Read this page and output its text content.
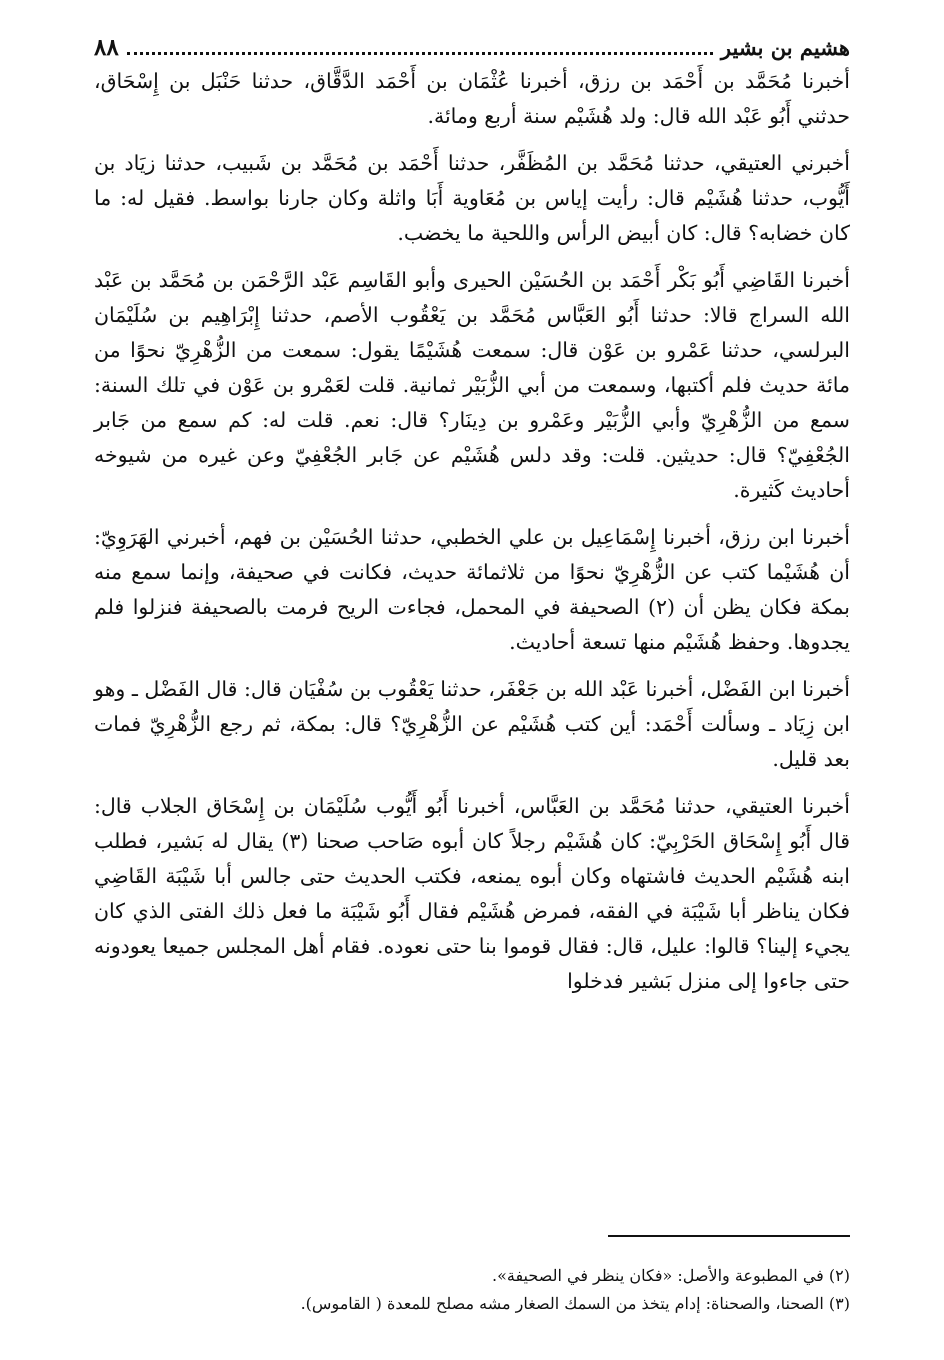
هشيم بن بشير
٨٨

أخبرنا مُحَمَّد بن أَحْمَد بن رزق، أخبرنا عُثْمَان بن أَحْمَد الدَّقَّاق، حدثنا حَنْبَل بن إِسْحَاق، حدثني أَبُو عَبْد الله قال: ولد هُشَيْم سنة أربع ومائة.

أخبرني العتيقي، حدثنا مُحَمَّد بن المُظَفَّر، حدثنا أَحْمَد بن مُحَمَّد بن شَبيب، حدثنا زيَاد بن أَيُّوب، حدثنا هُشَيْم قال: رأيت إياس بن مُعَاوية أَبَا واثلة وكان جارنا بواسط. فقيل له: ما كان خضابه؟ قال: كان أبيض الرأس واللحية ما يخضب.

أخبرنا القَاضِي أَبُو بَكْر أَحْمَد بن الحُسَيْن الحيرى وأبو القَاسِم عَبْد الرَّحْمَن بن مُحَمَّد بن عَبْد الله السراج قالا: حدثنا أَبُو العَبَّاس مُحَمَّد بن يَعْقُوب الأصم، حدثنا إِبْرَاهِيم بن سُلَيْمَان البرلسي، حدثنا عَمْرو بن عَوْن قال: سمعت هُشَيْمًا يقول: سمعت من الزُّهْرِيّ نحوًا من مائة حديث فلم أكتبها، وسمعت من أبي الزُّبَيْر ثمانية. قلت لعَمْرو بن عَوْن في تلك السنة: سمع من الزُّهْرِيّ وأبي الزُّبَيْر وعَمْرو بن دِينَار؟ قال: نعم. قلت له: كم سمع من جَابر الجُعْفِيّ؟ قال: حديثين. قلت: وقد دلس هُشَيْم عن جَابر الجُعْفِيّ وعن غيره من شيوخه أحاديث كَثيرة.

أخبرنا ابن رزق، أخبرنا إِسْمَاعِيل بن علي الخطبي، حدثنا الحُسَيْن بن فهم، أخبرني الهَرَوِيّ: أن هُشَيْما كتب عن الزُّهْرِيّ نحوًا من ثلاثمائة حديث، فكانت في صحيفة، وإنما سمع منه بمكة فكان يظن أن (٢) الصحيفة في المحمل، فجاءت الريح فرمت بالصحيفة فنزلوا فلم يجدوها. وحفظ هُشَيْم منها تسعة أحاديث.

أخبرنا ابن الفَضْل، أخبرنا عَبْد الله بن جَعْفَر، حدثنا يَعْقُوب بن سُفْيَان قال: قال الفَضْل ـ وهو ابن زِيَاد ـ وسألت أَحْمَد: أين كتب هُشَيْم عن الزُّهْرِيّ؟ قال: بمكة، ثم رجع الزُّهْرِيّ فمات بعد قليل.

أخبرنا العتيقي، حدثنا مُحَمَّد بن العَبَّاس، أخبرنا أَبُو أَيُّوب سُلَيْمَان بن إِسْحَاق الجلاب قال: قال أَبُو إِسْحَاق الحَرْبِيّ: كان هُشَيْم رجلاً كان أبوه صَاحب صحنا (٣) يقال له بَشير، فطلب ابنه هُشَيْم الحديث فاشتهاه وكان أبوه يمنعه، فكتب الحديث حتى جالس أبا شَيْبَة القَاضِي فكان يناظر أبا شَيْبَة في الفقه، فمرض هُشَيْم فقال أَبُو شَيْبَة ما فعل ذلك الفتى الذي كان يجيء إلينا؟ قالوا: عليل، قال: فقال قوموا بنا حتى نعوده. فقام أهل المجلس جميعا يعودونه حتى جاءوا إلى منزل بَشير فدخلوا

(٢) في المطبوعة والأصل: «فكان ينظر في الصحيفة».
(٣) الصحنا، والصحناة: إدام يتخذ من السمك الصغار مشه مصلح للمعدة ( القاموس).
